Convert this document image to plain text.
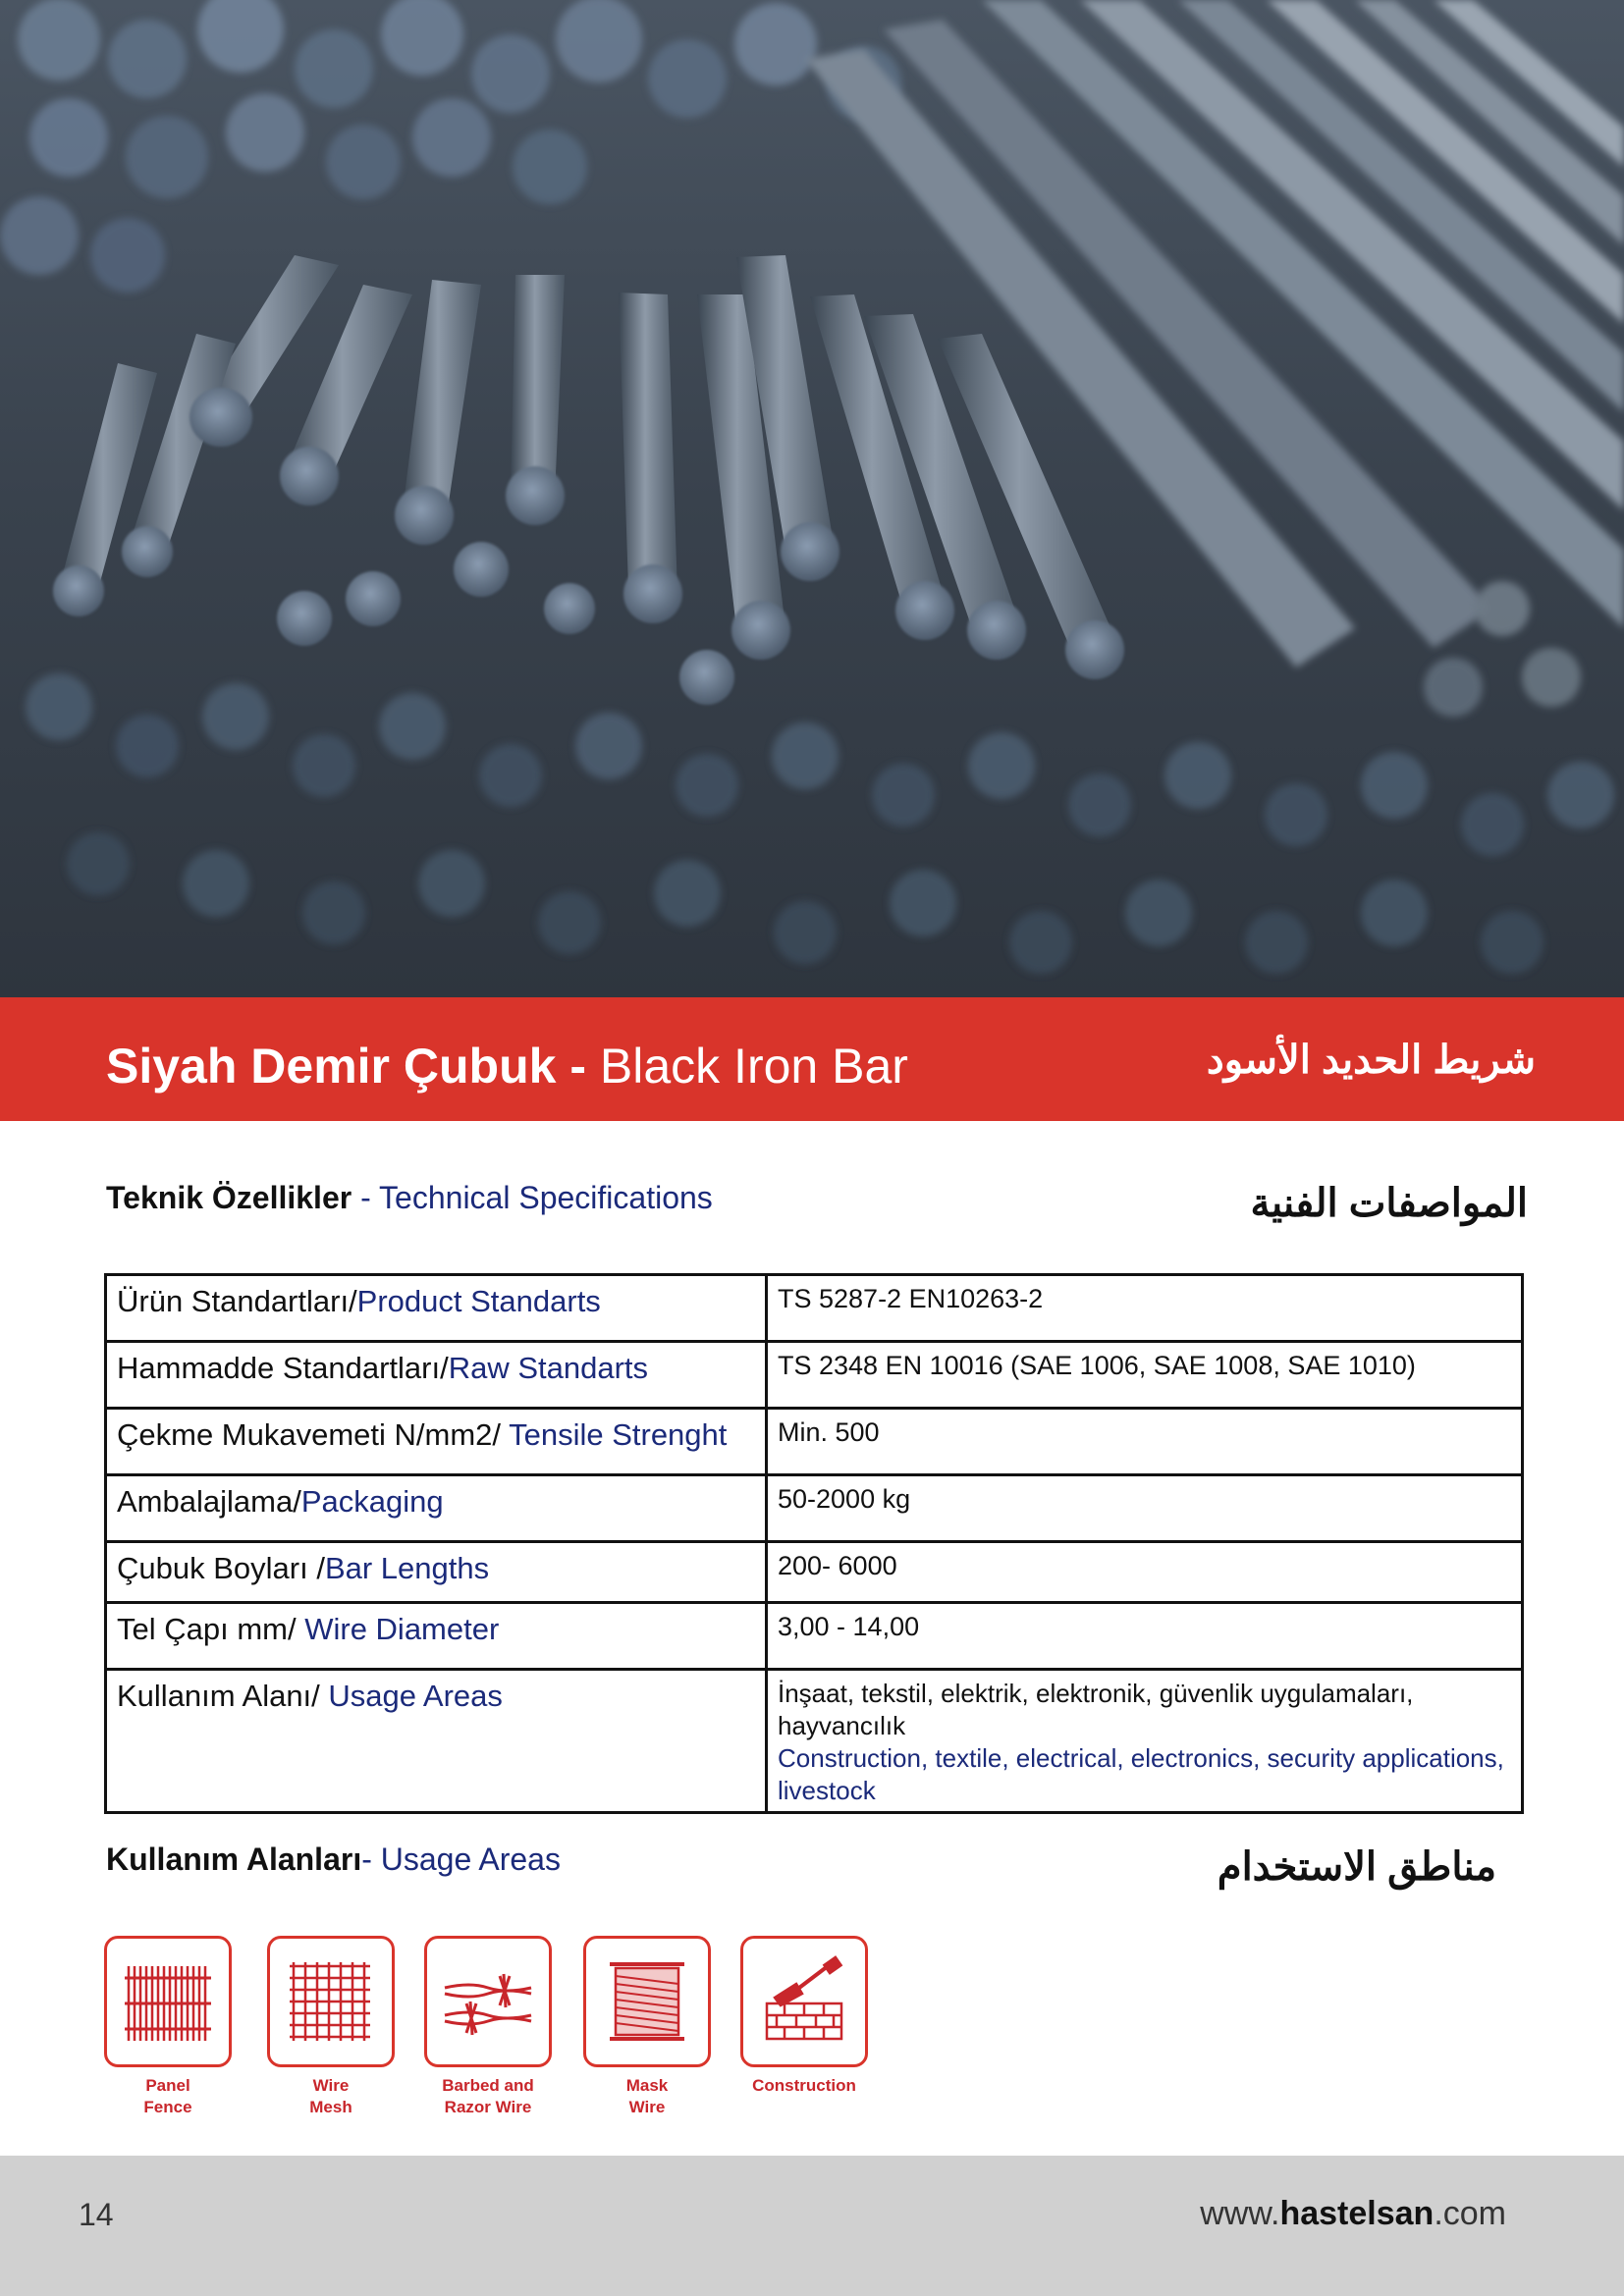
Siyah Demir Çubuk - Black Iron Bar	شريط الحديد الأسود
Teknik Özellikler - Technical Specifications	المواصفات الفنية
Ürün Standartları/Product Standarts	TS 5287-2 EN10263-2
Hammadde Standartları/Raw Standarts	TS 2348 EN 10016 (SAE 1006, SAE 1008, SAE 1010)
Çekme Mukavemeti N/mm2/ Tensile Strenght	Min. 500
Ambalajlama/Packaging	50-2000 kg
Çubuk Boyları /Bar Lengths	200- 6000
Tel Çapı mm/ Wire Diameter	3,00 - 14,00
Kullanım Alanı/ Usage Areas	İnşaat, tekstil, elektrik, elektronik, güvenlik uygulamaları, hayvancılık
Construction, textile, electrical, electronics, security applications, livestock
Kullanım Alanları- Usage Areas	مناطق الاستخدام
Panel
Fence
Wire
Mesh
Barbed and
Razor Wire
Mask
Wire
Construction
14	www.hastelsan.com
